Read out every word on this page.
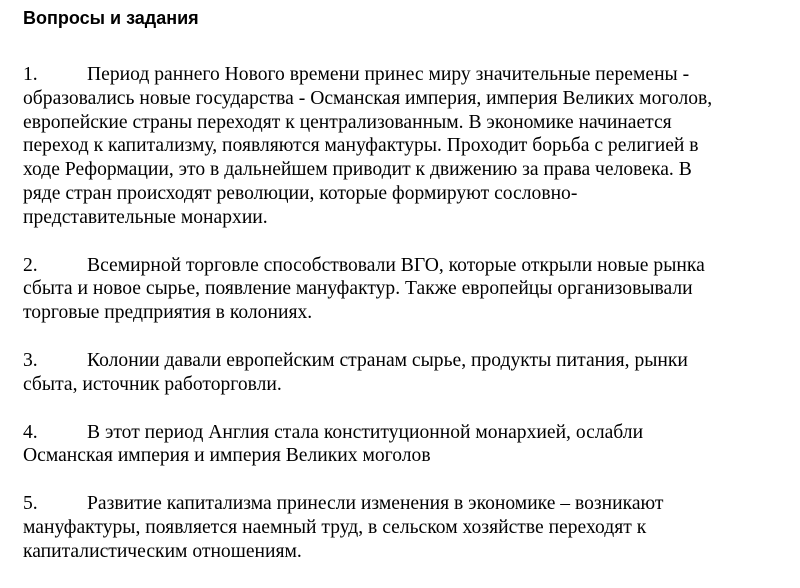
Вопросы и задания

1.	Период раннего Нового времени принес миру значительные перемены -
образовались новые государства - Османская империя, империя Великих моголов,
европейские страны переходят к централизованным. В экономике начинается
переход к капитализму, появляются мануфактуры. Проходит борьба с религией в
ходе Реформации, это в дальнейшем приводит к движению за права человека. В
ряде стран происходят революции, которые формируют сословно-
представительные монархии.

2.	Всемирной торговле способствовали ВГО, которые открыли новые рынка
сбыта и новое сырье, появление мануфактур. Также европейцы организовывали
торговые предприятия в колониях.

3.	Колонии давали европейским странам сырье, продукты питания, рынки
сбыта, источник работорговли.

4.	В этот период Англия стала конституционной монархией, ослабли
Османская империя и империя Великих моголов

5.	Развитие капитализма принесли изменения в экономике – возникают
мануфактуры, появляется наемный труд, в сельском хозяйстве переходят к
капиталистическим отношениям.
